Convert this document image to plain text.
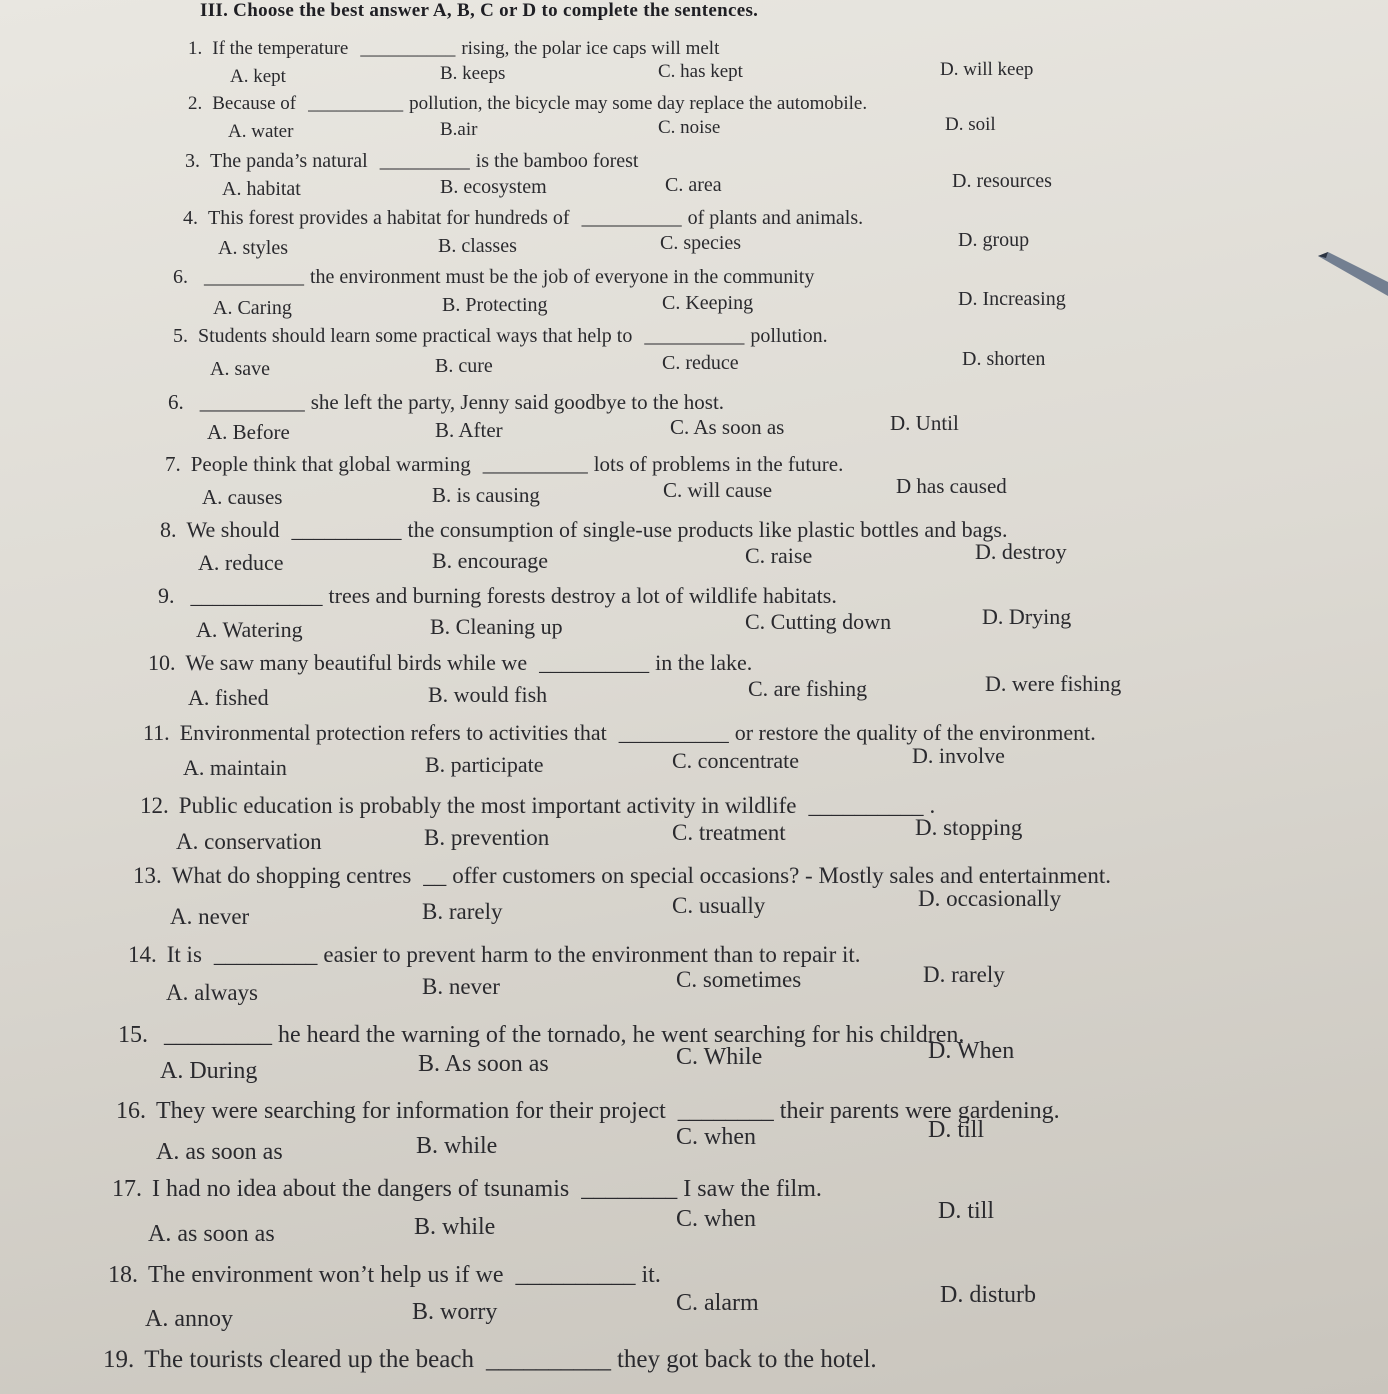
III. Choose the best answer A, B, C or D to complete the sentences.
1. If the temperature __________ rising, the polar ice caps will melt
A. kept	B. keeps	C. has kept	D. will keep
2. Because of __________ pollution, the bicycle may some day replace the automobile.
A. water	B.air	C. noise	D. soil
3. The panda’s natural _________ is the bamboo forest
A. habitat	B. ecosystem	C. area	D. resources
4. This forest provides a habitat for hundreds of __________ of plants and animals.
A. styles	B. classes	C. species	D. group
6. __________ the environment must be the job of everyone in the community
A. Caring	B. Protecting	C. Keeping	D. Increasing
5. Students should learn some practical ways that help to __________ pollution.
A. save	B. cure	C. reduce	D. shorten
6. __________ she left the party, Jenny said goodbye to the host.
A. Before	B. After	C. As soon as	D. Until
7. People think that global warming __________ lots of problems in the future.
A. causes	B. is causing	C. will cause	D has caused
8. We should __________ the consumption of single-use products like plastic bottles and bags.
A. reduce	B. encourage	C. raise	D. destroy
9. ____________ trees and burning forests destroy a lot of wildlife habitats.
A. Watering	B. Cleaning up	C. Cutting down	D. Drying
10. We saw many beautiful birds while we __________ in the lake.
A. fished	B. would fish	C. are fishing	D. were fishing
11. Environmental protection refers to activities that __________ or restore the quality of the environment.
A. maintain	B. participate	C. concentrate	D. involve
12. Public education is probably the most important activity in wildlife __________ .
A. conservation	B. prevention	C. treatment	D. stopping
13. What do shopping centres __ offer customers on special occasions? - Mostly sales and entertainment.
A. never	B. rarely	C. usually	D. occasionally
14. It is _________ easier to prevent harm to the environment than to repair it.
A. always	B. never	C. sometimes	D. rarely
15. _________ he heard the warning of the tornado, he went searching for his children.
A. During	B. As soon as	C. While	D. When
16. They were searching for information for their project ________ their parents were gardening.
A. as soon as	B. while	C. when	D. till
17. I had no idea about the dangers of tsunamis ________ I saw the film.
A. as soon as	B. while	C. when	D. till
18. The environment won’t help us if we __________ it.
A. annoy	B. worry	C. alarm	D. disturb
19. The tourists cleared up the beach __________ they got back to the hotel.
